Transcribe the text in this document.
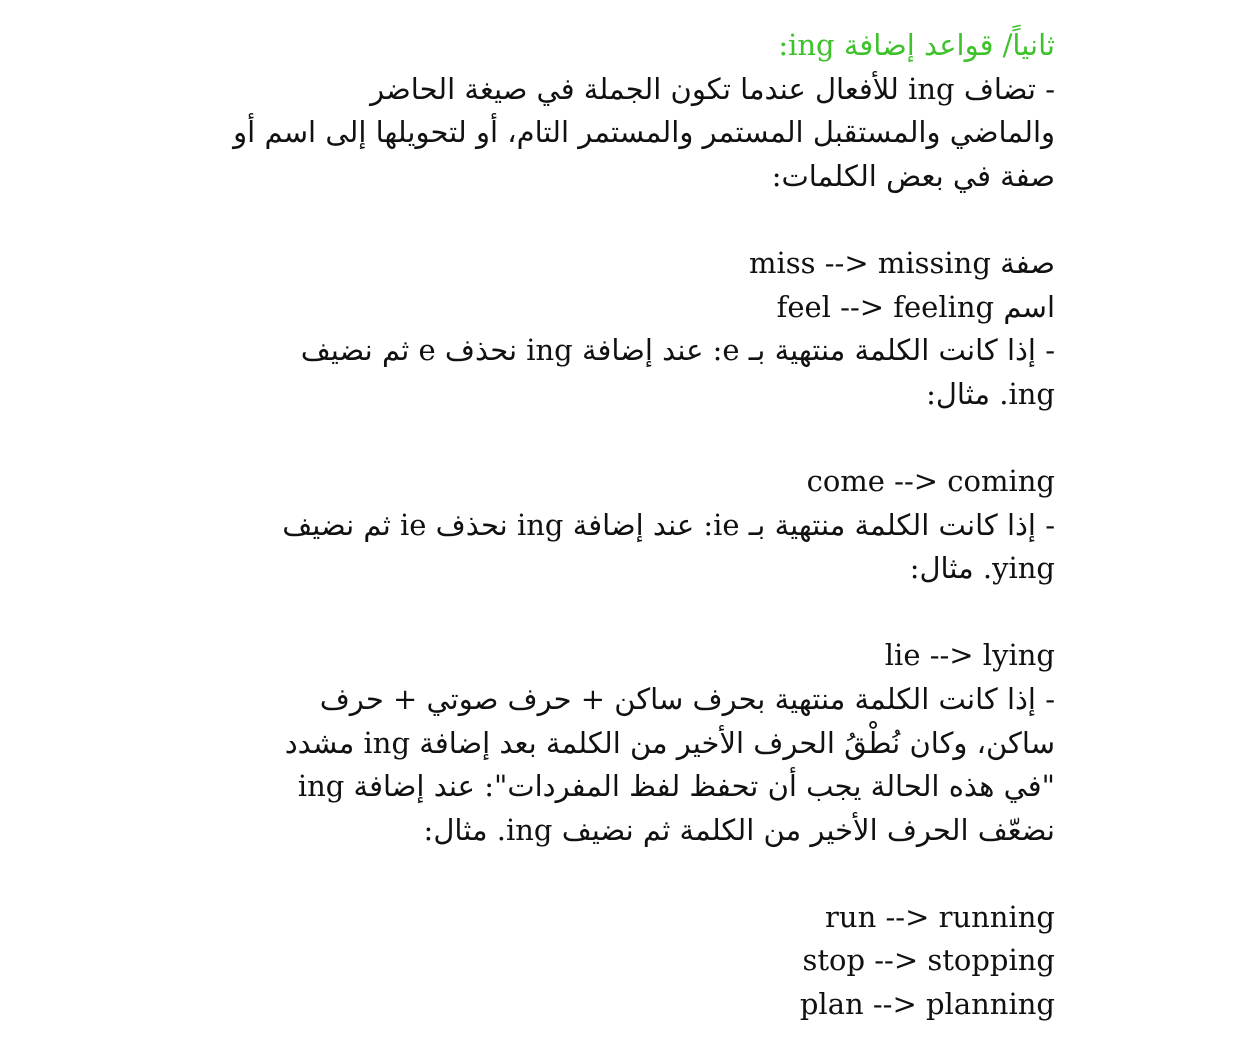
ثانياً/ قواعد إضافة ing:
- تضاف ing للأفعال عندما تكون الجملة في صيغة الحاضر
والماضي والمستقبل المستمر والمستمر التام، أو لتحويلها إلى اسم أو
صفة في بعض الكلمات:
صفة miss --> missing
اسم feel --> feeling
- إذا كانت الكلمة منتهية بـ e: عند إضافة ing نحذف e ثم نضيف
ing. مثال:
come --> coming
- إذا كانت الكلمة منتهية بـ ie: عند إضافة ing نحذف ie ثم نضيف
ying. مثال:
lie --> lying
- إذا كانت الكلمة منتهية بحرف ساكن + حرف صوتي + حرف
ساكن، وكان نُطْقُ الحرف الأخير من الكلمة بعد إضافة ing مشدد
"في هذه الحالة يجب أن تحفظ لفظ المفردات": عند إضافة ing
نضعّف الحرف الأخير من الكلمة ثم نضيف ing. مثال:
run --> running
stop --> stopping
plan --> planning
